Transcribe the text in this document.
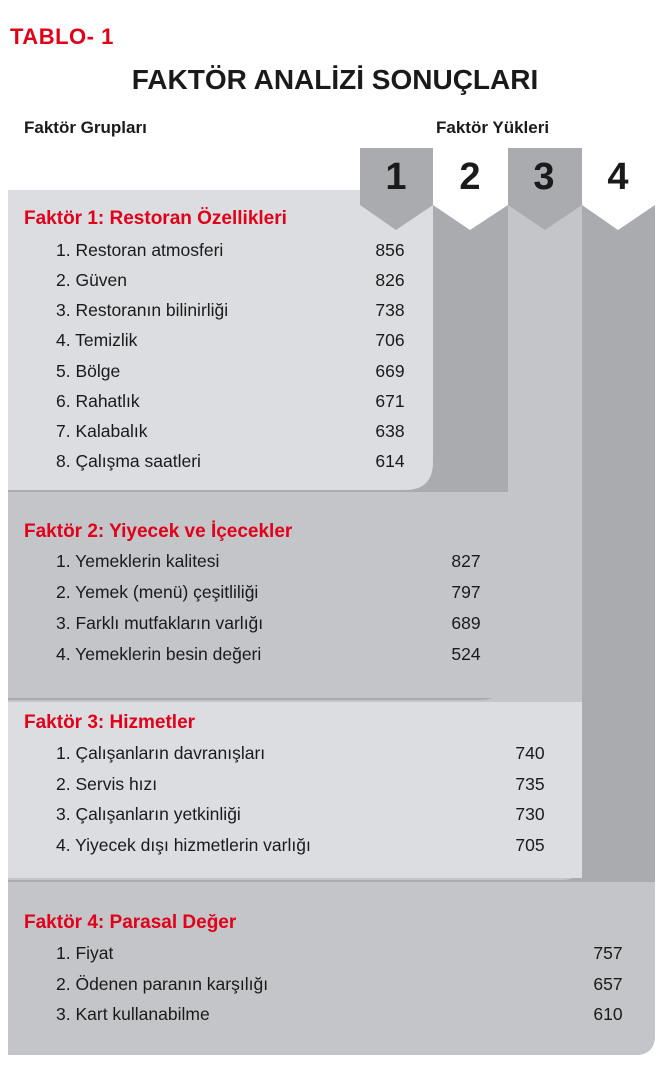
TABLO- 1
FAKTÖR ANALİZİ SONUÇLARI
Faktör Grupları	Faktör Yükleri
1	2	3	4
Faktör 1: Restoran Özellikleri
1. Restoran atmosferi	856
2. Güven	826
3. Restoranın bilinirliği	738
4. Temizlik	706
5. Bölge	669
6. Rahatlık	671
7. Kalabalık	638
8. Çalışma saatleri	614
Faktör 2: Yiyecek ve İçecekler
1. Yemeklerin kalitesi	827
2. Yemek (menü) çeşitliliği	797
3. Farklı mutfakların varlığı	689
4. Yemeklerin besin değeri	524
Faktör 3: Hizmetler
1. Çalışanların davranışları	740
2. Servis hızı	735
3. Çalışanların yetkinliği	730
4. Yiyecek dışı hizmetlerin varlığı	705
Faktör 4: Parasal Değer
1. Fiyat	757
2. Ödenen paranın karşılığı	657
3. Kart kullanabilme	610
